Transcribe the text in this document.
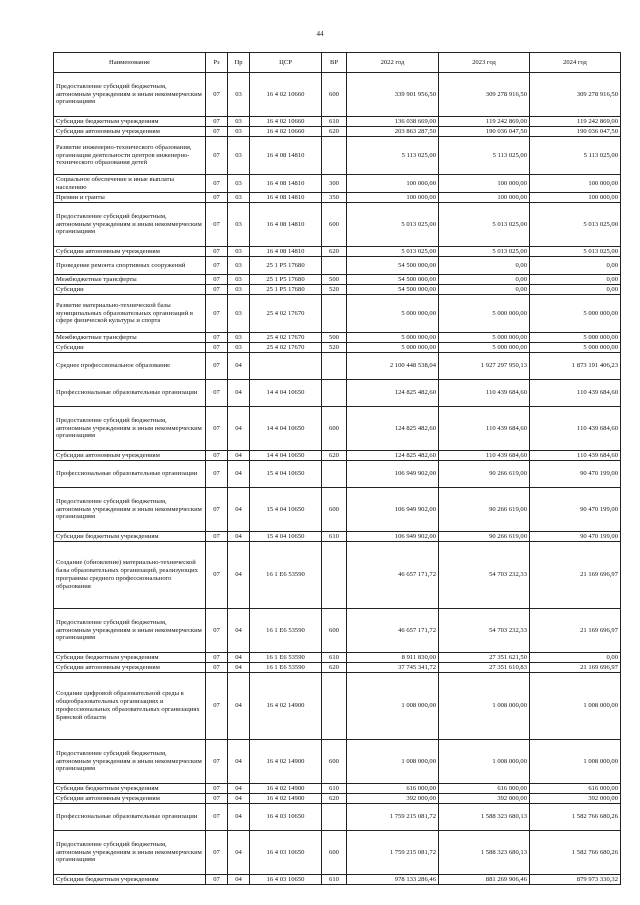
44
Наименование	Рз	Пр	ЦСР	ВР	2022 год	2023 год	2024 год
Предоставление субсидий бюджетным, автономным учреждениям и иным некоммерческим организациям	07	03	16 4 02 10660	600	339 901 956,50	309 278 916,50	309 278 916,50
Субсидии бюджетным учреждениям	07	03	16 4 02 10660	610	136 038 669,00	119 242 869,00	119 242 869,00
Субсидии автономным учреждениям	07	03	16 4 02 10660	620	203 863 287,50	190 036 047,50	190 036 047,50
Развитие инженерно-технического образования, организация деятельности центров инженерно-технического образования детей	07	03	16 4 08 14810		5 113 025,00	5 113 025,00	5 113 025,00
Социальное обеспечение и иные выплаты населению	07	03	16 4 08 14810	300	100 000,00	100 000,00	100 000,00
Премии и гранты	07	03	16 4 08 14810	350	100 000,00	100 000,00	100 000,00
Предоставление субсидий бюджетным, автономным учреждениям и иным некоммерческим организациям	07	03	16 4 08 14810	600	5 013 025,00	5 013 025,00	5 013 025,00
Субсидии автономным учреждениям	07	03	16 4 08 14810	620	5 013 025,00	5 013 025,00	5 013 025,00
Проведение ремонта спортивных сооружений	07	03	25 1 Р5 17680		54 500 000,00	0,00	0,00
Межбюджетные трансферты	07	03	25 1 Р5 17680	500	54 500 000,00	0,00	0,00
Субсидии	07	03	25 1 Р5 17680	520	54 500 000,00	0,00	0,00
Развитие материально-технической базы муниципальных образовательных организаций в сфере физической культуры и спорта	07	03	25 4 02 17670		5 000 000,00	5 000 000,00	5 000 000,00
Межбюджетные трансферты	07	03	25 4 02 17670	500	5 000 000,00	5 000 000,00	5 000 000,00
Субсидии	07	03	25 4 02 17670	520	5 000 000,00	5 000 000,00	5 000 000,00
Среднее профессиональное образование	07	04			2 100 448 538,04	1 927 297 950,13	1 873 191 406,23
Профессиональные образовательные организации	07	04	14 4 04 10650		124 825 482,60	110 439 684,60	110 439 684,60
Предоставление субсидий бюджетным, автономным учреждениям и иным некоммерческим организациям	07	04	14 4 04 10650	600	124 825 482,60	110 439 684,60	110 439 684,60
Субсидии автономным учреждениям	07	04	14 4 04 10650	620	124 825 482,60	110 439 684,60	110 439 684,60
Профессиональные образовательные организации	07	04	15 4 04 10650		106 949 902,00	90 266 619,00	90 470 199,00
Предоставление субсидий бюджетным, автономным учреждениям и иным некоммерческим организациям	07	04	15 4 04 10650	600	106 949 902,00	90 266 619,00	90 470 199,00
Субсидии бюджетным учреждениям	07	04	15 4 04 10650	610	106 949 902,00	90 266 619,00	90 470 199,00
Создание (обновление) материально-технической базы образовательных организаций, реализующих программы среднего профессионального образования	07	04	16 1 E6 53590		46 657 171,72	54 703 232,33	21 169 696,97
Предоставление субсидий бюджетным, автономным учреждениям и иным некоммерческим организациям	07	04	16 1 E6 53590	600	46 657 171,72	54 703 232,33	21 169 696,97
Субсидии бюджетным учреждениям	07	04	16 1 E6 53590	610	8 911 830,00	27 351 621,50	0,00
Субсидии автономным учреждениям	07	04	16 1 E6 53590	620	37 745 341,72	27 351 610,83	21 169 696,97
Создание цифровой образовательной среды в общеобразовательных организациях и профессиональных образовательных организациях Брянской области	07	04	16 4 02 14900		1 008 000,00	1 008 000,00	1 008 000,00
Предоставление субсидий бюджетным, автономным учреждениям и иным некоммерческим организациям	07	04	16 4 02 14900	600	1 008 000,00	1 008 000,00	1 008 000,00
Субсидии бюджетным учреждениям	07	04	16 4 02 14900	610	616 000,00	616 000,00	616 000,00
Субсидии автономным учреждениям	07	04	16 4 02 14900	620	392 000,00	392 000,00	392 000,00
Профессиональные образовательные организации	07	04	16 4 03 10650		1 759 215 081,72	1 588 323 680,13	1 582 766 680,26
Предоставление субсидий бюджетным, автономным учреждениям и иным некоммерческим организациям	07	04	16 4 03 10650	600	1 759 215 081,72	1 588 323 680,13	1 582 766 680,26
Субсидии бюджетным учреждениям	07	04	16 4 03 10650	610	978 133 286,46	881 269 906,46	879 973 330,32
